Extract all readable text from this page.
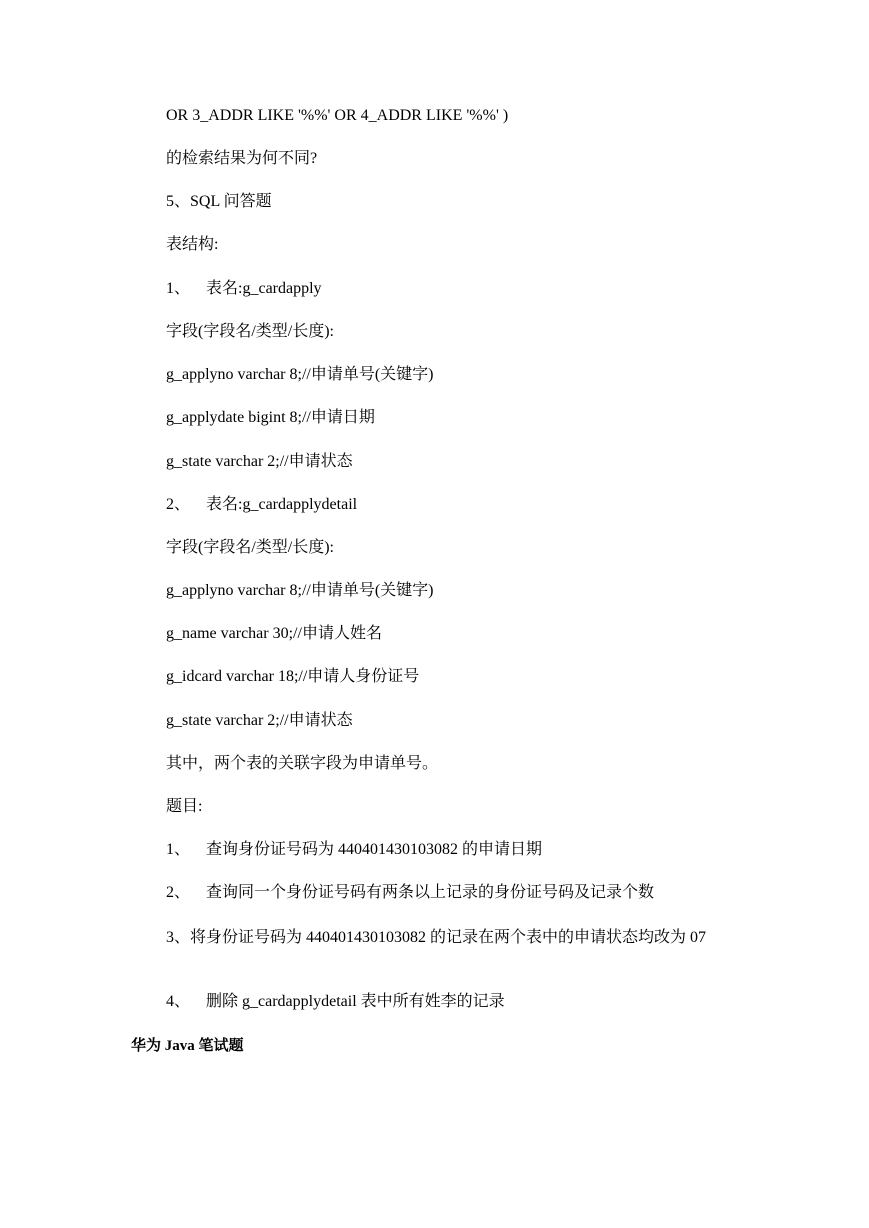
OR 3_ADDR LIKE '%%' OR 4_ADDR LIKE '%%' )

的检索结果为何不同?

5、SQL 问答题

表结构:

1、 表名:g_cardapply

字段(字段名/类型/长度):

g_applyno varchar 8;//申请单号(关键字)

g_applydate bigint 8;//申请日期

g_state varchar 2;//申请状态

2、 表名:g_cardapplydetail

字段(字段名/类型/长度):

g_applyno varchar 8;//申请单号(关键字)

g_name varchar 30;//申请人姓名

g_idcard varchar 18;//申请人身份证号

g_state varchar 2;//申请状态

其中，两个表的关联字段为申请单号。

题目:

1、 查询身份证号码为 440401430103082 的申请日期

2、 查询同一个身份证号码有两条以上记录的身份证号码及记录个数

3、将身份证号码为 440401430103082 的记录在两个表中的申请状态均改为 07

4、 删除 g_cardapplydetail 表中所有姓李的记录

华为 Java 笔试题
